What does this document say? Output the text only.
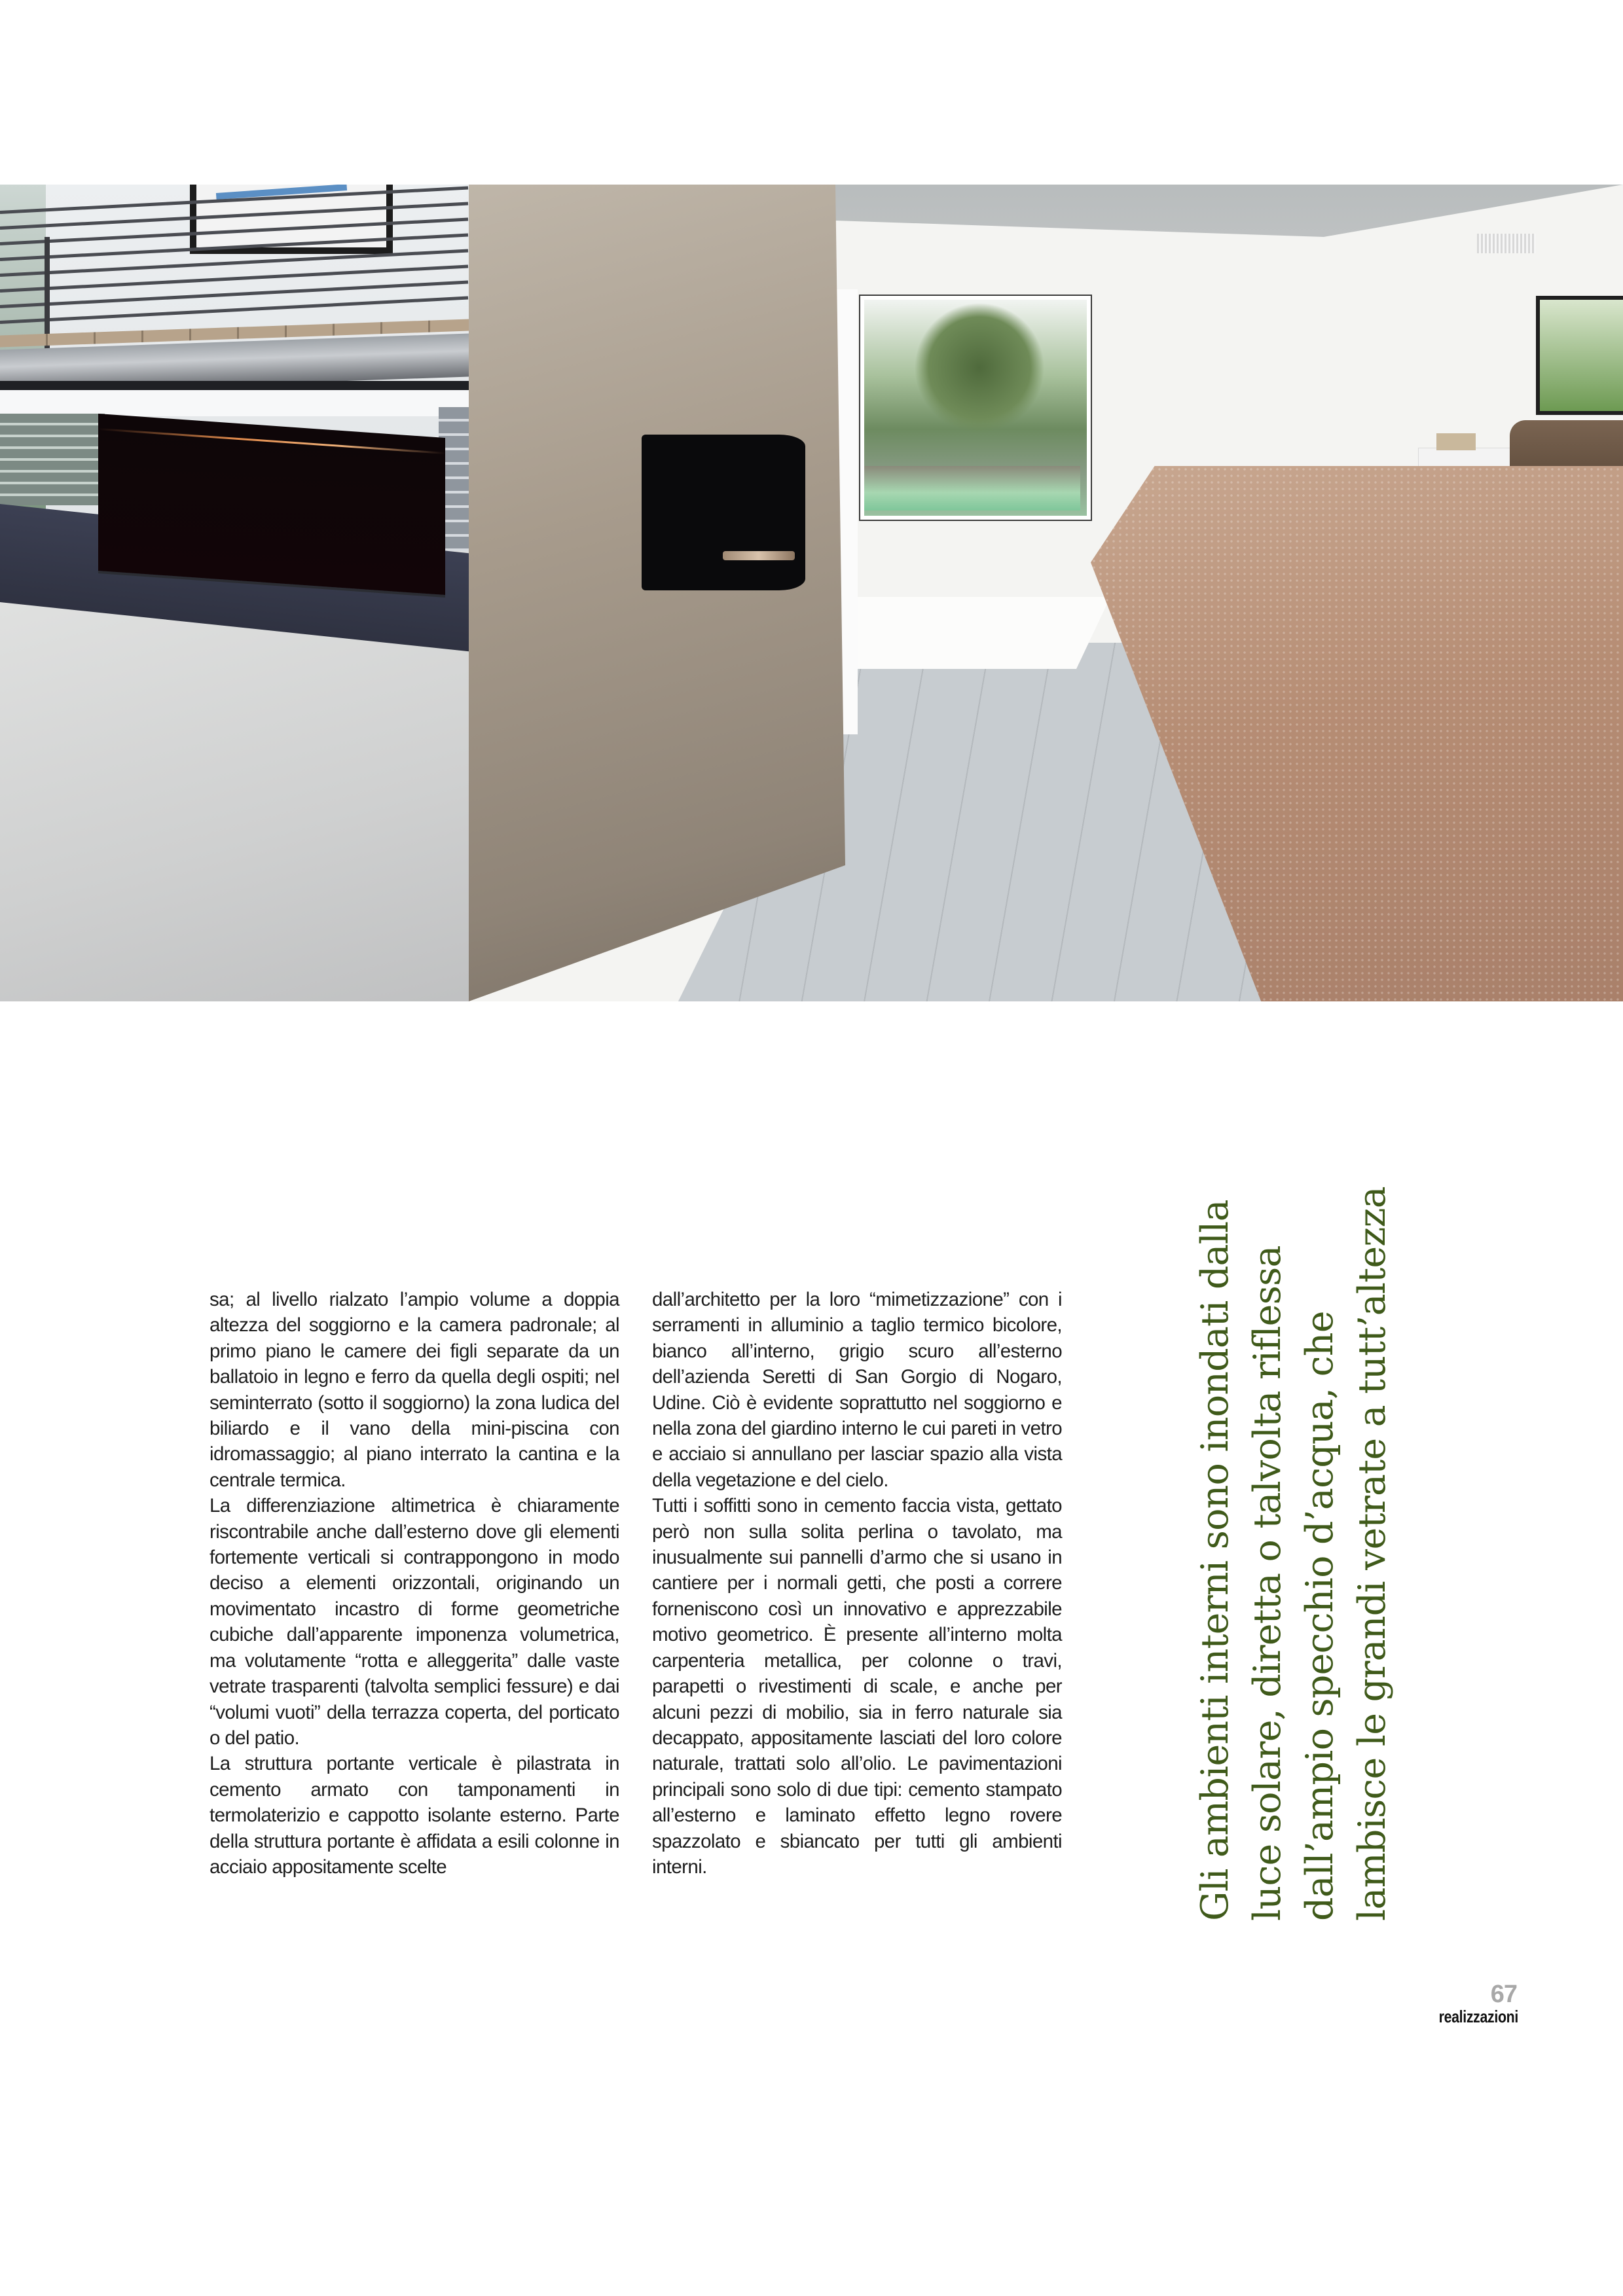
sa; al livello rialzato l’ampio volume a doppia altezza del soggiorno e la camera padronale; al primo piano le camere dei figli separate da un ballatoio in legno e ferro da quella degli ospiti; nel seminterrato (sotto il soggiorno) la zona ludica del biliardo e il vano della mini-piscina con idromassaggio; al piano interrato la cantina e la centrale termica.

La differenziazione altimetrica è chiaramente riscontrabile anche dall’esterno dove gli elementi fortemente verticali si contrappongono in modo deciso a elementi orizzontali, originando un movimentato incastro di forme geometriche cubiche dall’apparente imponenza volumetrica, ma volutamente “rotta e alleggerita” dalle vaste vetrate trasparenti (talvolta semplici fessure) e dai “volumi vuoti” della terrazza coperta, del porticato o del patio.

La struttura portante verticale è pilastrata in cemento armato con tamponamenti in termolaterizio e cappotto isolante esterno. Parte della struttura portante è affidata a esili colonne in acciaio appositamente scelte

dall’architetto per la loro “mimetizzazione” con i serramenti in alluminio a taglio termico bicolore, bianco all’interno, grigio scuro all’esterno dell’azienda Seretti di San Gorgio di Nogaro, Udine. Ciò è evidente soprattutto nel soggiorno e nella zona del giardino interno le cui pareti in vetro e acciaio si annullano per lasciar spazio alla vista della vegetazione e del cielo.

Tutti i soffitti sono in cemento faccia vista, gettato però non sulla solita perlina o tavolato, ma inusualmente sui pannelli d’armo che si usano in cantiere per i normali getti, che posti a correre forneniscono così un innovativo e apprezzabile motivo geometrico. È presente all’interno molta carpenteria metallica, per colonne o travi, parapetti o rivestimenti di scale, e anche per alcuni pezzi di mobilio, sia in ferro naturale sia decappato, appositamente lasciati del loro colore naturale, trattati solo all’olio. Le pavimentazioni principali sono solo di due tipi: cemento stampato all’esterno e laminato effetto legno rovere spazzolato e sbiancato per tutti gli ambienti interni.	Gli ambienti interni sono inondati dalla luce solare, diretta o talvolta riflessa dall’ampio specchio d’acqua, che lambisce le grandi vetrate a tutt’altezza
67
realizzazioni
